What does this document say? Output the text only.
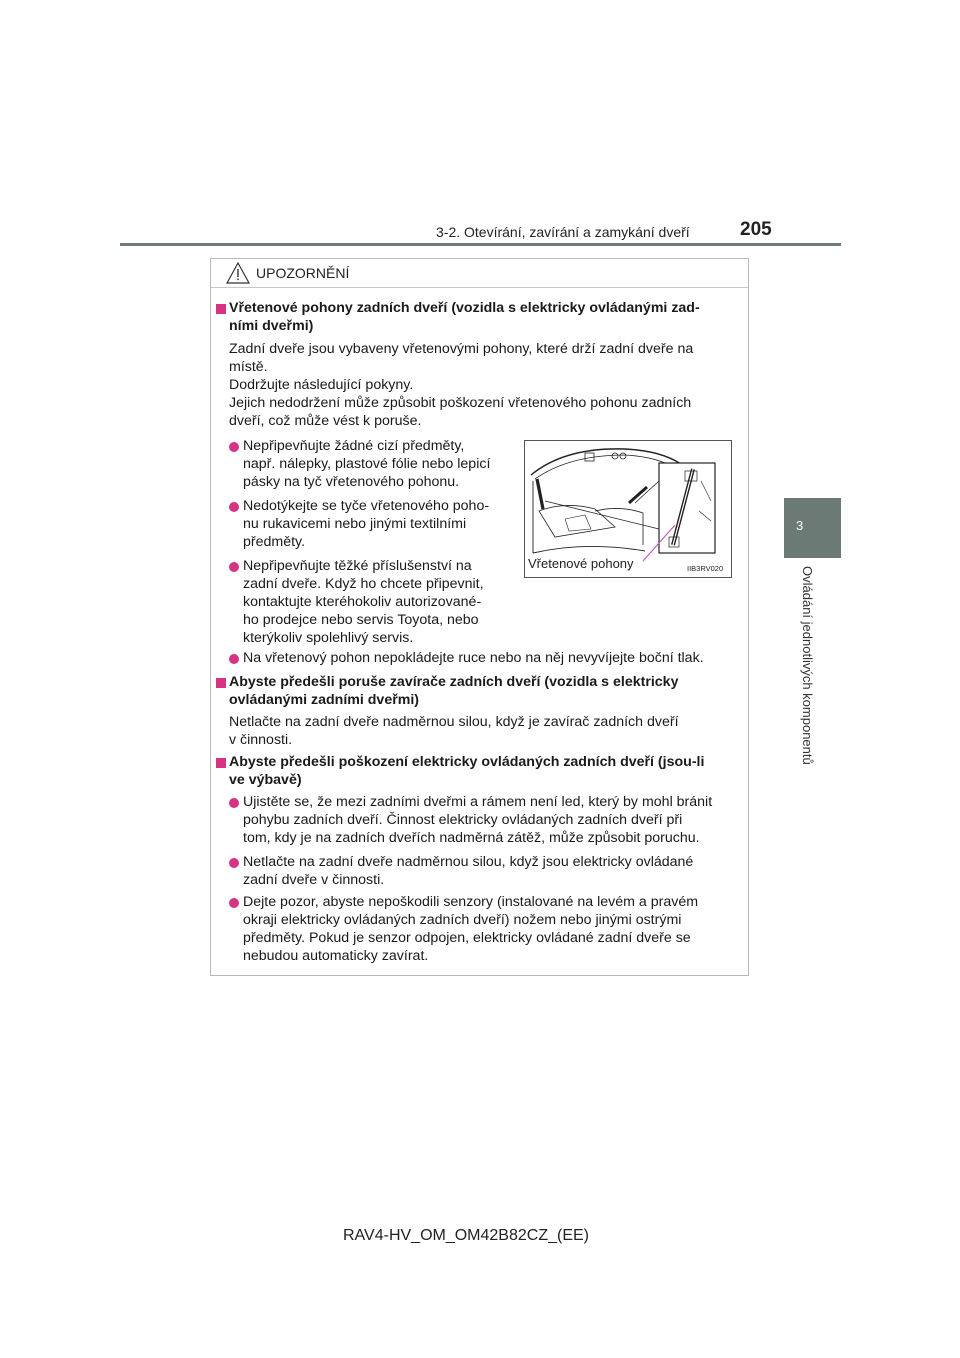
3-2. Otevírání, zavírání a zamykání dveří	205
3
Ovládání jednotlivých komponentů
UPOZORNĚNÍ
Vřetenové pohony zadních dveří (vozidla s elektricky ovládanými zad-
ními dveřmi)
Zadní dveře jsou vybaveny vřetenovými pohony, které drží zadní dveře na
místě.
Dodržujte následující pokyny.
Jejich nedodržení může způsobit poškození vřetenového pohonu zadních
dveří, což může vést k poruše.
Nepřipevňujte žádné cizí předměty,
např. nálepky, plastové fólie nebo lepicí
pásky na tyč vřetenového pohonu.
Nedotýkejte se tyče vřetenového poho-
nu rukavicemi nebo jinými textilními
předměty.
Nepřipevňujte těžké příslušenství na
zadní dveře. Když ho chcete připevnit,
kontaktujte kteréhokoliv autorizované-
ho prodejce nebo servis Toyota, nebo
kterýkoliv spolehlivý servis.
Vřetenové pohony	IIB3RV020
Na vřetenový pohon nepokládejte ruce nebo na něj nevyvíjejte boční tlak.
Abyste předešli poruše zavírače zadních dveří (vozidla s elektricky
ovládanými zadními dveřmi)
Netlačte na zadní dveře nadměrnou silou, když je zavírač zadních dveří
v činnosti.
Abyste předešli poškození elektricky ovládaných zadních dveří (jsou-li
ve výbavě)
Ujistěte se, že mezi zadními dveřmi a rámem není led, který by mohl bránit
pohybu zadních dveří. Činnost elektricky ovládaných zadních dveří při
tom, kdy je na zadních dveřích nadměrná zátěž, může způsobit poruchu.
Netlačte na zadní dveře nadměrnou silou, když jsou elektricky ovládané
zadní dveře v činnosti.
Dejte pozor, abyste nepoškodili senzory (instalované na levém a pravém
okraji elektricky ovládaných zadních dveří) nožem nebo jinými ostrými
předměty. Pokud je senzor odpojen, elektricky ovládané zadní dveře se
nebudou automaticky zavírat.
RAV4-HV_OM_OM42B82CZ_(EE)
